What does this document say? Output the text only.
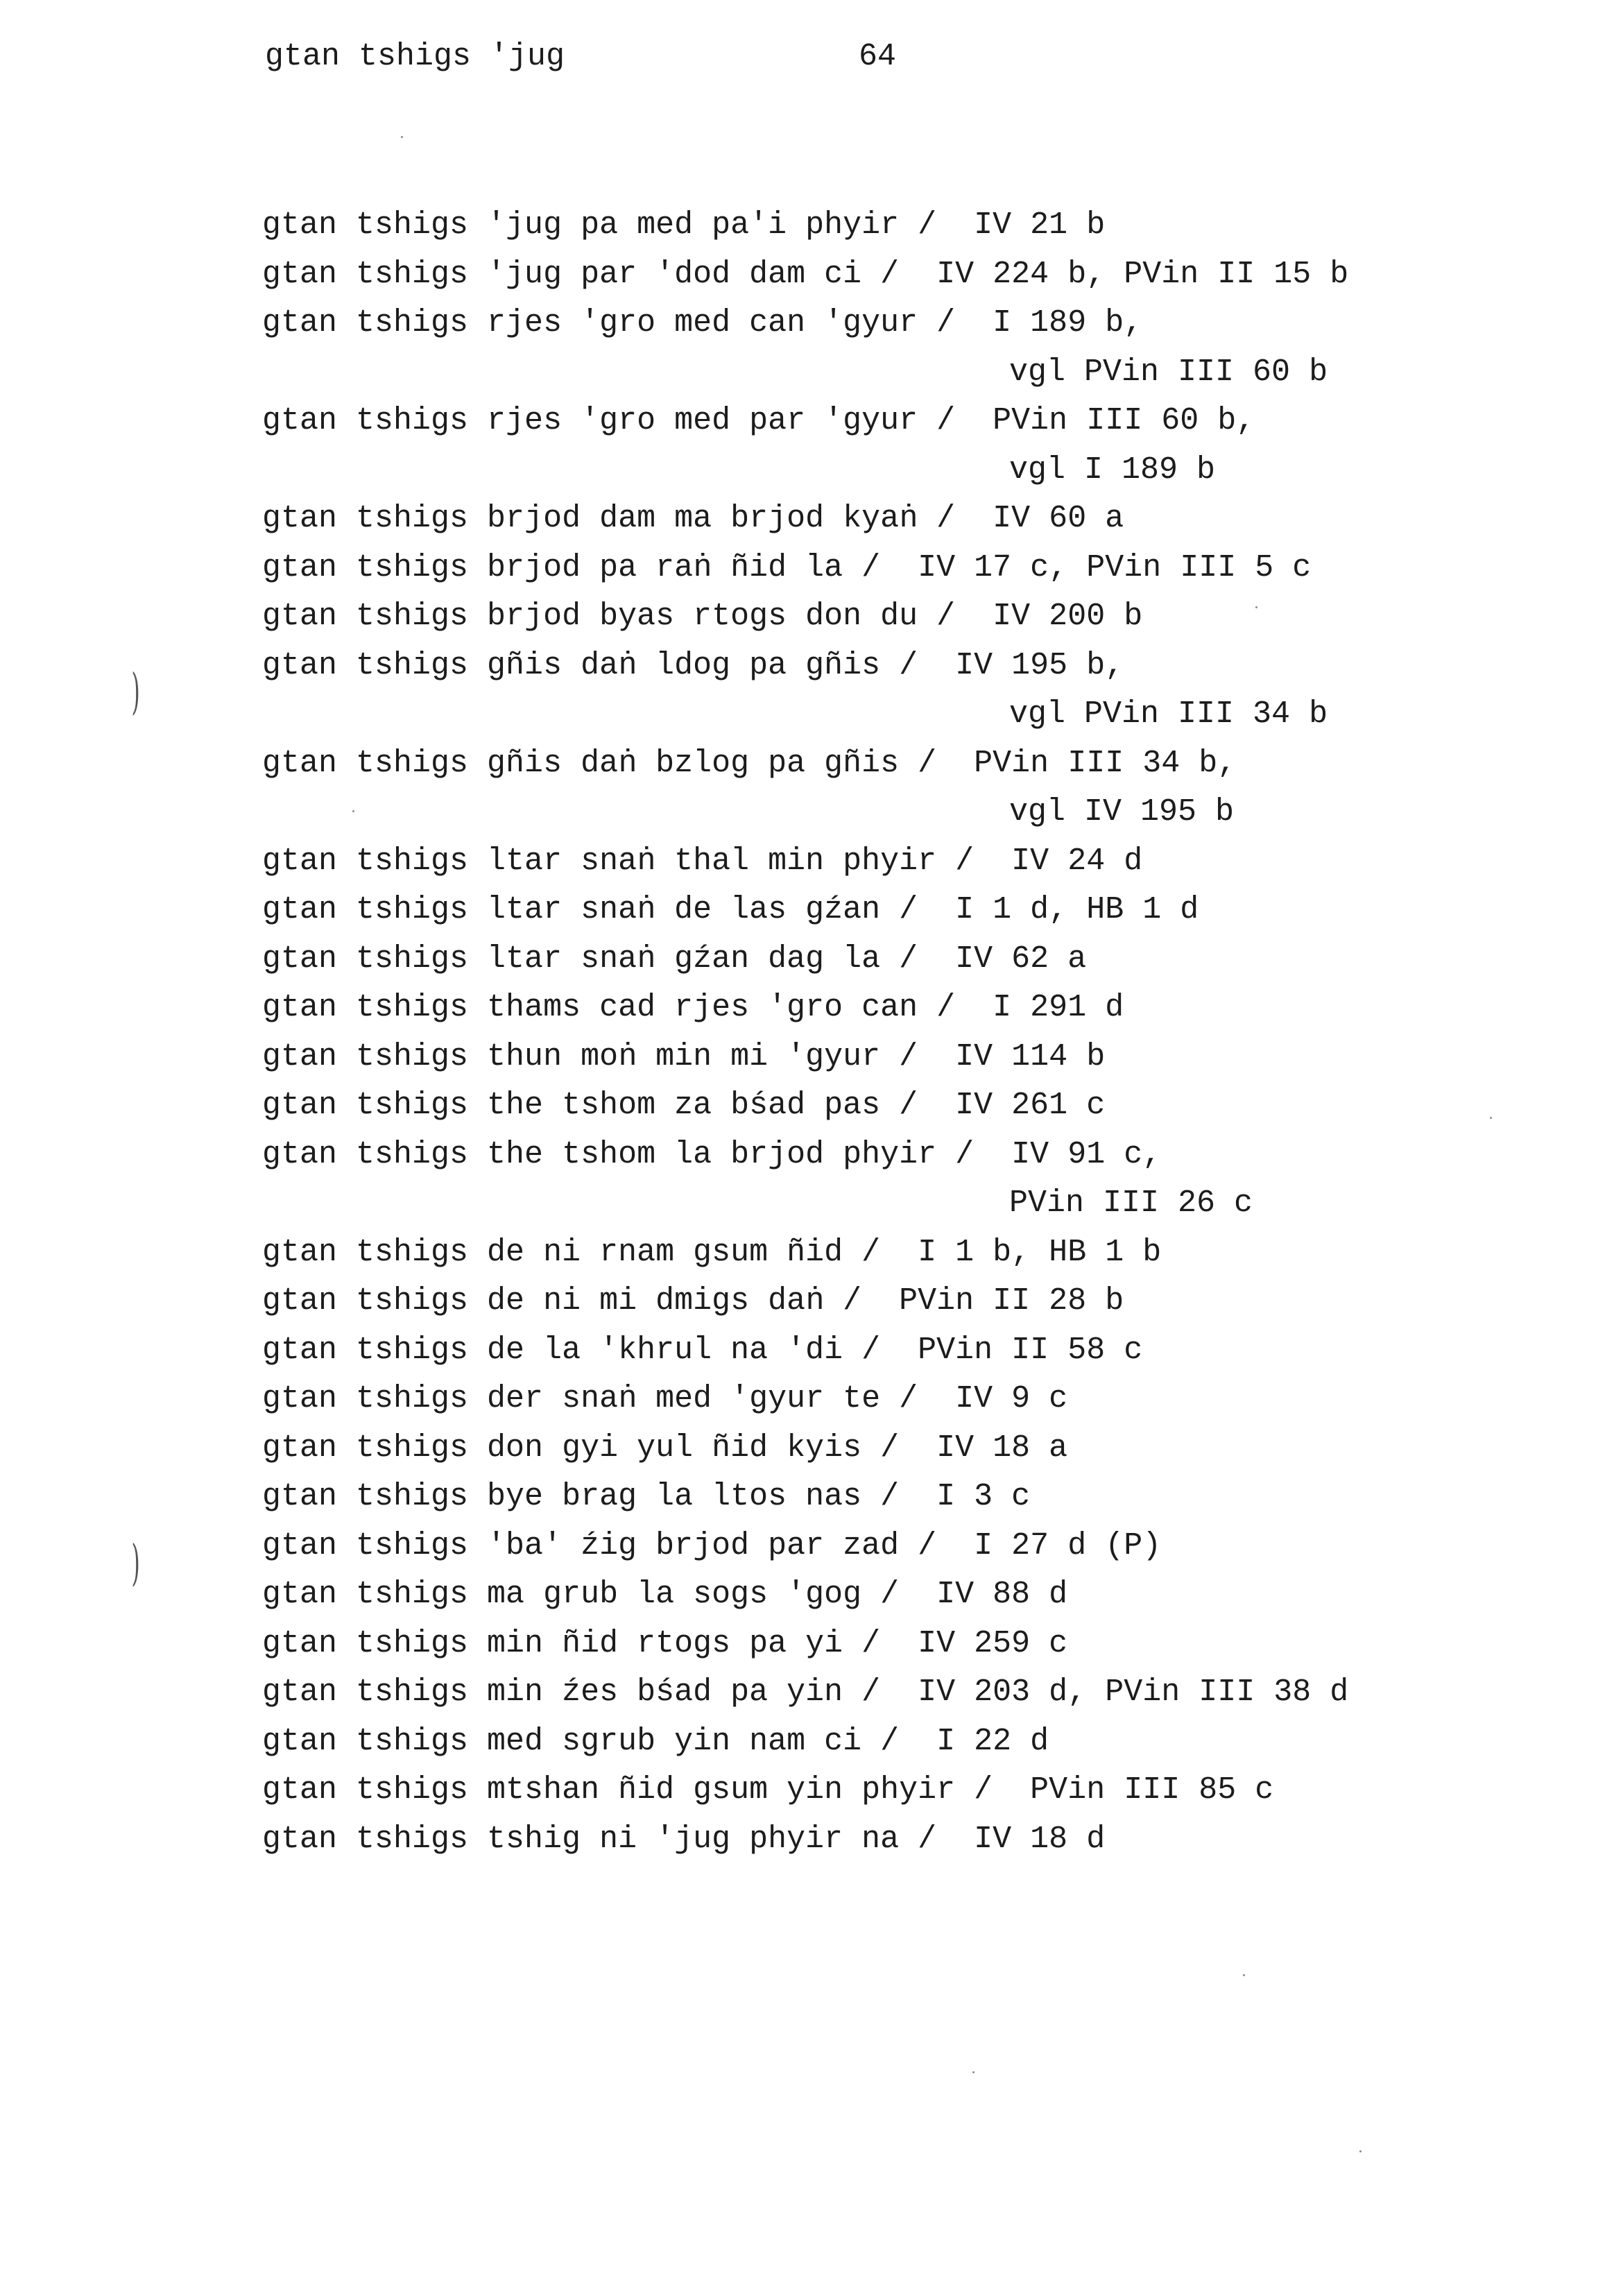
gtan tshigs 'jug	64
)
)
gtan tshigs 'jug pa med pa'i phyir /  IV 21 b
gtan tshigs 'jug par 'dod dam ci /  IV 224 b, PVin II 15 b
gtan tshigs rjes 'gro med can 'gyur /  I 189 b,
vgl PVin III 60 b
gtan tshigs rjes 'gro med par 'gyur /  PVin III 60 b,
vgl I 189 b
gtan tshigs brjod dam ma brjod kyaṅ /  IV 60 a
gtan tshigs brjod pa raṅ ñid la /  IV 17 c, PVin III 5 c
gtan tshigs brjod byas rtogs don du /  IV 200 b
gtan tshigs gñis daṅ ldog pa gñis /  IV 195 b,
vgl PVin III 34 b
gtan tshigs gñis daṅ bzlog pa gñis /  PVin III 34 b,
vgl IV 195 b
gtan tshigs ltar snaṅ thal min phyir /  IV 24 d
gtan tshigs ltar snaṅ de las gźan /  I 1 d, HB 1 d
gtan tshigs ltar snaṅ gźan dag la /  IV 62 a
gtan tshigs thams cad rjes 'gro can /  I 291 d
gtan tshigs thun moṅ min mi 'gyur /  IV 114 b
gtan tshigs the tshom za bśad pas /  IV 261 c
gtan tshigs the tshom la brjod phyir /  IV 91 c,
PVin III 26 c
gtan tshigs de ni rnam gsum ñid /  I 1 b, HB 1 b
gtan tshigs de ni mi dmigs daṅ /  PVin II 28 b
gtan tshigs de la 'khrul na 'di /  PVin II 58 c
gtan tshigs der snaṅ med 'gyur te /  IV 9 c
gtan tshigs don gyi yul ñid kyis /  IV 18 a
gtan tshigs bye brag la ltos nas /  I 3 c
gtan tshigs 'ba' źig brjod par zad /  I 27 d (P)
gtan tshigs ma grub la sogs 'gog /  IV 88 d
gtan tshigs min ñid rtogs pa yi /  IV 259 c
gtan tshigs min źes bśad pa yin /  IV 203 d, PVin III 38 d
gtan tshigs med sgrub yin nam ci /  I 22 d
gtan tshigs mtshan ñid gsum yin phyir /  PVin III 85 c
gtan tshigs tshig ni 'jug phyir na /  IV 18 d
